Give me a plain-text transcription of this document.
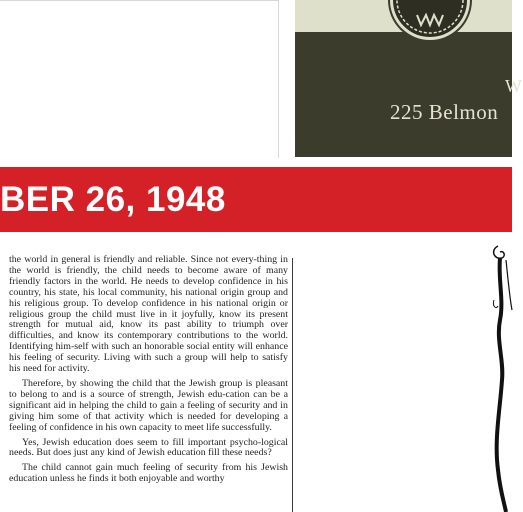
W
225 Belmon
BER 26, 1948

the world in general is friendly and reliable. Since not every-thing in the world is friendly, the child needs to become aware of many friendly factors in the world. He needs to develop confidence in his country, his state, his local community, his national origin group and his religious group. To develop confidence in his national origin or religious group the child must live in it joyfully, know its present strength for mutual aid, know its past ability to triumph over difficulties, and know its contemporary contributions to the world. Identifying him-self with such an honorable social entity will enhance his feeling of security. Living with such a group will help to satisfy his need for activity.

Therefore, by showing the child that the Jewish group is pleasant to belong to and is a source of strength, Jewish edu-cation can be a significant aid in helping the child to gain a feeling of security and in giving him some of that activity which is needed for developing a feeling of confidence in his own capacity to meet life successfully.

Yes, Jewish education does seem to fill important psycho-logical needs. But does just any kind of Jewish education fill these needs?

The child cannot gain much feeling of security from his Jewish education unless he finds it both enjoyable and worthy
